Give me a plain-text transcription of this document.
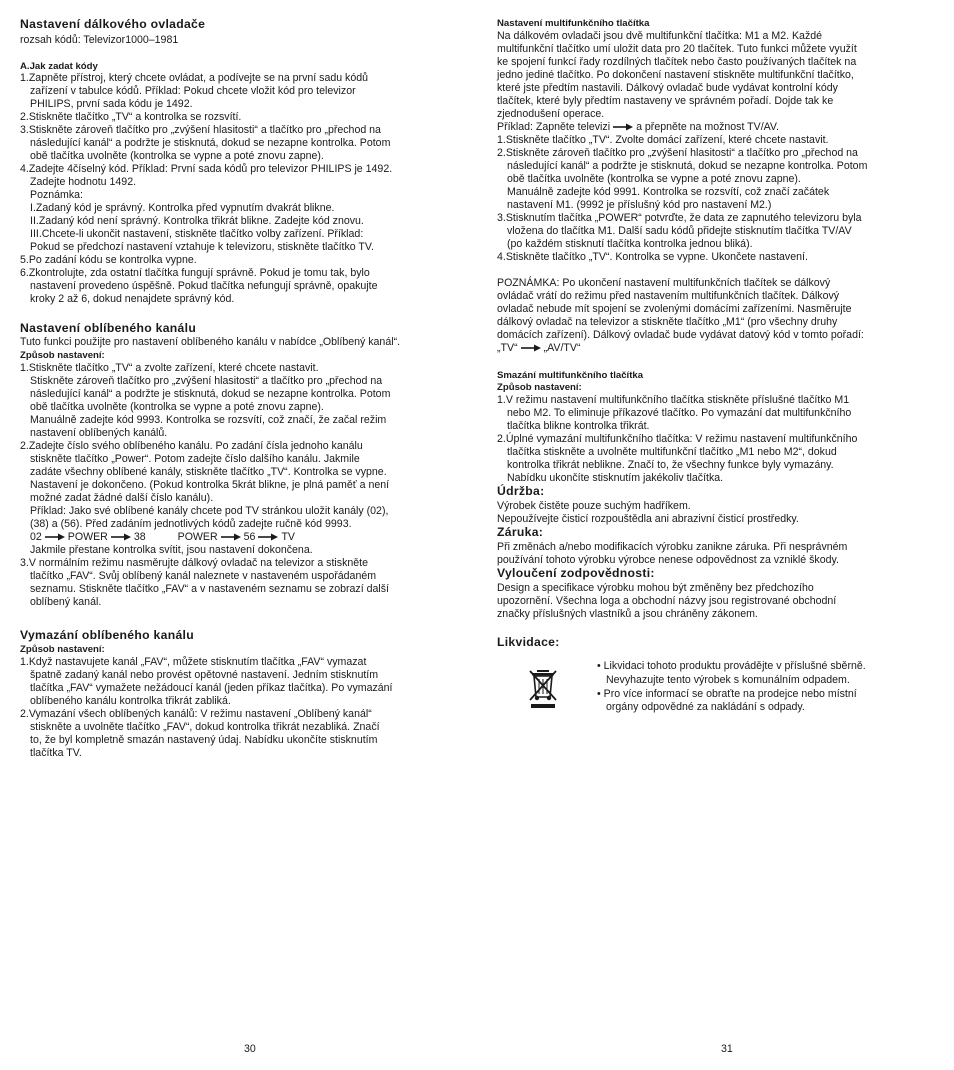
02 POWER 38	POWER 56 TV
Nastavení dálkového ovladače
rozsah kódů: Televizor1000–1981
A.Jak zadat kódy
1.Zapněte přístroj, který chcete ovládat, a podívejte se na první sadu kódů
zařízení v tabulce kódů. Příklad: Pokud chcete vložit kód pro televizor
PHILIPS, první sada kódu je 1492.
2.Stiskněte tlačítko „TV“ a kontrolka se rozsvítí.
3.Stiskněte zároveň tlačítko pro „zvýšení hlasitosti“ a tlačítko pro „přechod na
následující kanál“ a podržte je stisknutá, dokud se nezapne kontrolka. Potom
obě tlačítka uvolněte (kontrolka se vypne a poté znovu zapne).
4.Zadejte 4číselný kód. Příklad: První sada kódů pro televizor PHILIPS je 1492.
Zadejte hodnotu 1492.
Poznámka:
I.Zadaný kód je správný. Kontrolka před vypnutím dvakrát blikne.
II.Zadaný kód není správný. Kontrolka třikrát blikne. Zadejte kód znovu.
III.Chcete-li ukončit nastavení, stiskněte tlačítko volby zařízení. Příklad:
Pokud se předchozí nastavení vztahuje k televizoru, stiskněte tlačítko TV.
5.Po zadání kódu se kontrolka vypne.
6.Zkontrolujte, zda ostatní tlačítka fungují správně. Pokud je tomu tak, bylo
nastavení provedeno úspěšně. Pokud tlačítka nefungují správně, opakujte
kroky 2 až 6, dokud nenajdete správný kód.
Nastavení oblíbeného kanálu
Tuto funkci použijte pro nastavení oblíbeného kanálu v nabídce „Oblíbený kanál“.
Způsob nastavení:
1.Stiskněte tlačítko „TV“ a zvolte zařízení, které chcete nastavit.
Stiskněte zároveň tlačítko pro „zvýšení hlasitosti“ a tlačítko pro „přechod na
následující kanál“ a podržte je stisknutá, dokud se nezapne kontrolka. Potom
obě tlačítka uvolněte (kontrolka se vypne a poté znovu zapne).
Manuálně zadejte kód 9993. Kontrolka se rozsvítí, což značí, že začal režim
nastavení oblíbených kanálů.
2.Zadejte číslo svého oblíbeného kanálu. Po zadání čísla jednoho kanálu
stiskněte tlačítko „Power“. Potom zadejte číslo dalšího kanálu. Jakmile
zadáte všechny oblíbené kanály, stiskněte tlačítko „TV“. Kontrolka se vypne.
Nastavení je dokončeno. (Pokud kontrolka 5krát blikne, je plná paměť a není
možné zadat žádné další číslo kanálu).
Příklad: Jako své oblíbené kanály chcete pod TV stránkou uložit kanály (02),
(38) a (56). Před zadáním jednotlivých kódů zadejte ručně kód 9993.
Jakmile přestane kontrolka svítit, jsou nastavení dokončena.
3.V normálním režimu nasměrujte dálkový ovladač na televizor a stiskněte
tlačítko „FAV“. Svůj oblíbený kanál naleznete v nastaveném uspořádaném
seznamu. Stiskněte tlačítko „FAV“ a v nastaveném seznamu se zobrazí další
oblíbený kanál.
Vymazání oblíbeného kanálu
Způsob nastavení:
1.Když nastavujete kanál „FAV“, můžete stisknutím tlačítka „FAV“ vymazat
špatně zadaný kanál nebo provést opětovné nastavení. Jedním stisknutím
tlačítka „FAV“ vymažete nežádoucí kanál (jeden příkaz tlačítka). Po vymazání
oblíbeného kanálu kontrolka třikrát zabliká.
2.Vymazání všech oblíbených kanálů: V režimu nastavení „Oblíbený kanál“
stiskněte a uvolněte tlačítko „FAV“, dokud kontrolka třikrát nezabliká. Značí
to, že byl kompletně smazán nastavený údaj. Nabídku ukončíte stisknutím
tlačítka TV.
Příklad: Zapněte televizi a přepněte na možnost TV/AV.
„TV“ „AV/TV“
Nastavení multifunkčního tlačítka
Na dálkovém ovladači jsou dvě multifunkční tlačítka: M1 a M2. Každé
multifunkční tlačítko umí uložit data pro 20 tlačítek. Tuto funkci můžete využít
ke spojení funkcí řady rozdílných tlačítek nebo často používaných tlačítek na
jedno jediné tlačítko. Po dokončení nastavení stiskněte multifunkční tlačítko,
které jste předtím nastavili. Dálkový ovladač bude vydávat kontrolní kódy
tlačítek, které byly předtím nastaveny ve správném pořadí. Dojde tak ke
zjednodušení operace.
1.Stiskněte tlačítko „TV“. Zvolte domácí zařízení, které chcete nastavit.
2.Stiskněte zároveň tlačítko pro „zvýšení hlasitosti“ a tlačítko pro „přechod na
následující kanál“ a podržte je stisknutá, dokud se nezapne kontrolka. Potom
obě tlačítka uvolněte (kontrolka se vypne a poté znovu zapne).
Manuálně zadejte kód 9991. Kontrolka se rozsvítí, což značí začátek
nastavení M1. (9992 je příslušný kód pro nastavení M2.)
3.Stisknutím tlačítka „POWER“ potvrďte, že data ze zapnutého televizoru byla
vložena do tlačítka M1. Další sadu kódů přidejte stisknutím tlačítka TV/AV
(po každém stisknutí tlačítka kontrolka jednou bliká).
4.Stiskněte tlačítko „TV“. Kontrolka se vypne. Ukončete nastavení.
POZNÁMKA: Po ukončení nastavení multifunkčních tlačítek se dálkový
ovládač vrátí do režimu před nastavením multifunkčních tlačítek. Dálkový
ovladač nebude mít spojení se zvolenými domácími zařízeními. Nasměrujte
dálkový ovladač na televizor a stiskněte tlačítko „M1“ (pro všechny druhy
domácích zařízení). Dálkový ovladač bude vydávat datový kód v tomto pořadí:
Smazání multifunkčního tlačítka
Způsob nastavení:
1.V režimu nastavení multifunkčního tlačítka stiskněte příslušné tlačítko M1
nebo M2. To eliminuje příkazové tlačítko. Po vymazání dat multifunkčního
tlačítka blikne kontrolka třikrát.
2.Úplné vymazání multifunkčního tlačítka: V režimu nastavení multifunkčního
tlačítka stiskněte a uvolněte multifunkční tlačítko „M1 nebo M2“, dokud
kontrolka třikrát neblikne. Značí to, že všechny funkce byly vymazány.
Nabídku ukončíte stisknutím jakékoliv tlačítka.
Údržba:
Výrobek čistěte pouze suchým hadříkem.
Nepoužívejte čisticí rozpouštědla ani abrazivní čisticí prostředky.
Záruka:
Při změnách a/nebo modifikacích výrobku zanikne záruka. Při nesprávném
používání tohoto výrobku výrobce nenese odpovědnost za vzniklé škody.
Vyloučení zodpovědnosti:
Design a specifikace výrobku mohou být změněny bez předchozího
upozornění. Všechna loga a obchodní názvy jsou registrované obchodní
značky příslušných vlastníků a jsou chráněny zákonem.
Likvidace:
• Likvidaci tohoto produktu provádějte v příslušné sběrně.
Nevyhazujte tento výrobek s komunálním odpadem.
• Pro více informací se obraťte na prodejce nebo místní
orgány odpovědné za nakládání s odpady.
30	31
